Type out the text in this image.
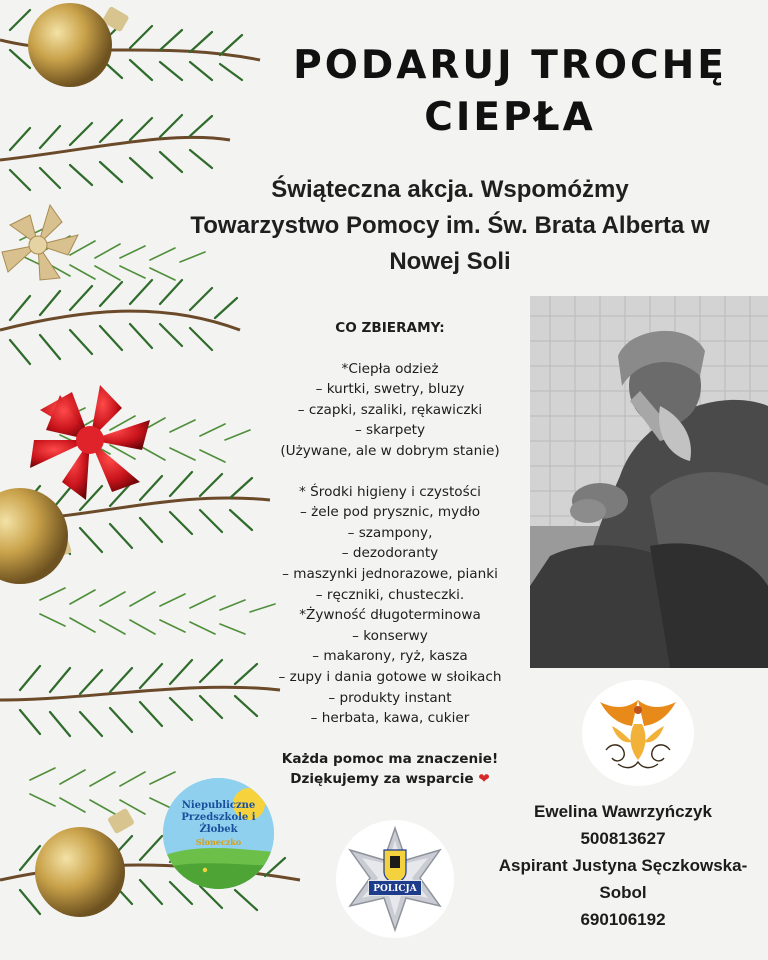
PODARUJ TROCHĘ
CIEPŁA
Świąteczna akcja. Wspomóżmy
Towarzystwo Pomocy im. Św. Brata Alberta w
Nowej Soli
CO ZBIERAMY:
*Ciepła odzież
– kurtki, swetry, bluzy
– czapki, szaliki, rękawiczki
– skarpety
(Używane, ale w dobrym stanie)
* Środki higieny i czystości
– żele pod prysznic, mydło
– szampony,
– dezodoranty
– maszynki jednorazowe, pianki
– ręczniki, chusteczki.
*Żywność długoterminowa
– konserwy
– makarony, ryż, kasza
– zupy i dania gotowe w słoikach
– produkty instant
– herbata, kawa, cukier
Każda pomoc ma znaczenie!
Dziękujemy za wsparcie ❤
Niepubliczne
Przedszkole i Żłobek
Słoneczko
POLICJA
Ewelina Wawrzyńczyk
500813627
Aspirant Justyna Sęczkowska-
Sobol
690106192
